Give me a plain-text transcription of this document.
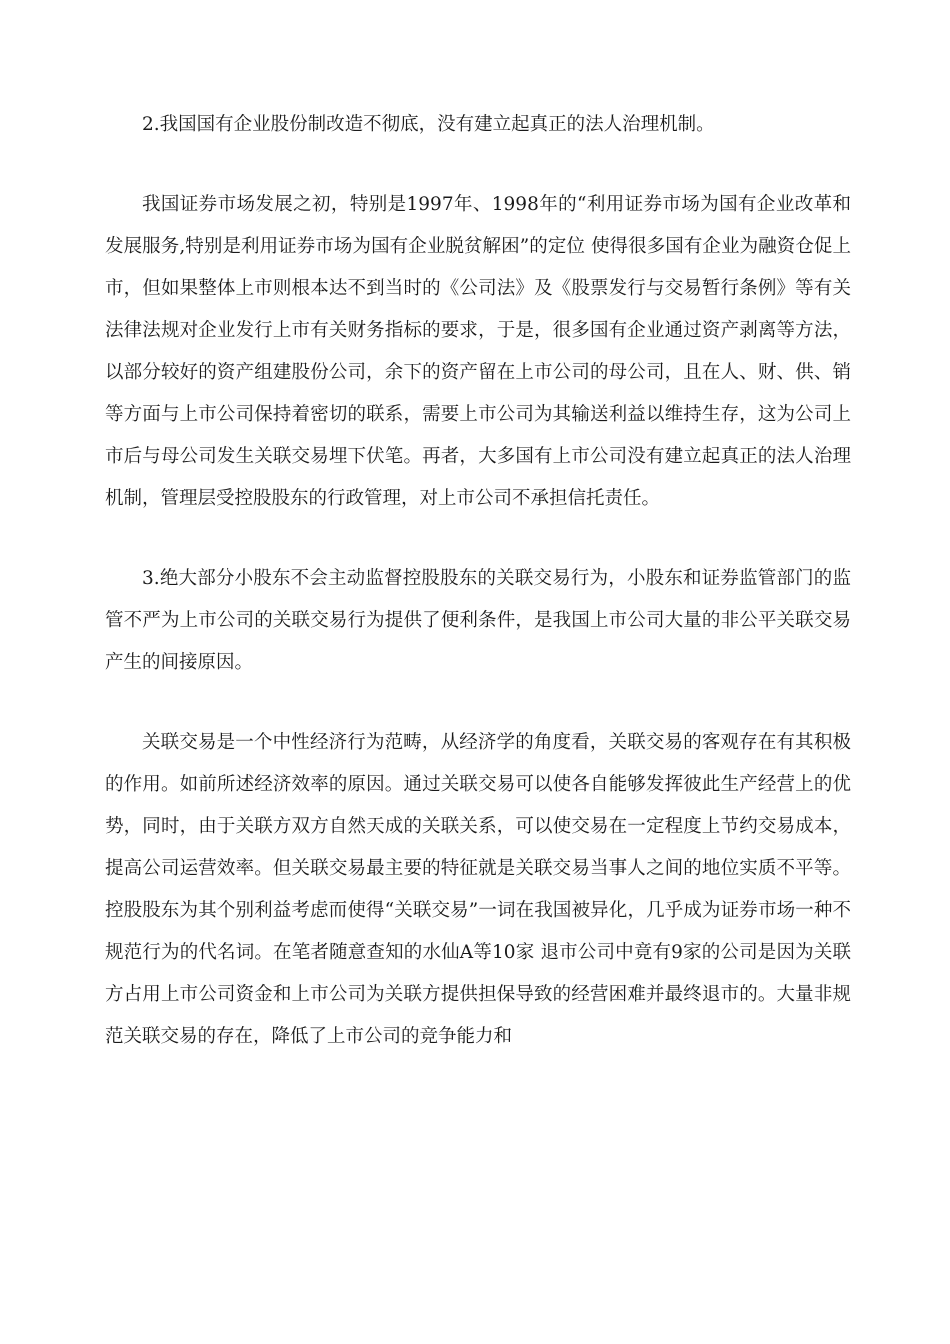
2.我国国有企业股份制改造不彻底，没有建立起真正的法人治理机制。

我国证券市场发展之初，特别是1997年、1998年的“利用证券市场为国有企业改革和发展服务,特别是利用证券市场为国有企业脱贫解困”的定位 使得很多国有企业为融资仓促上市，但如果整体上市则根本达不到当时的《公司法》及《股票发行与交易暂行条例》等有关法律法规对企业发行上市有关财务指标的要求，于是，很多国有企业通过资产剥离等方法，以部分较好的资产组建股份公司，余下的资产留在上市公司的母公司，且在人、财、供、销等方面与上市公司保持着密切的联系，需要上市公司为其输送利益以维持生存，这为公司上市后与母公司发生关联交易埋下伏笔。再者，大多国有上市公司没有建立起真正的法人治理机制，管理层受控股股东的行政管理，对上市公司不承担信托责任。

3.绝大部分小股东不会主动监督控股股东的关联交易行为，小股东和证券监管部门的监管不严为上市公司的关联交易行为提供了便利条件，是我国上市公司大量的非公平关联交易产生的间接原因。

关联交易是一个中性经济行为范畴，从经济学的角度看，关联交易的客观存在有其积极的作用。如前所述经济效率的原因。通过关联交易可以使各自能够发挥彼此生产经营上的优势，同时，由于关联方双方自然天成的关联关系，可以使交易在一定程度上节约交易成本，提高公司运营效率。但关联交易最主要的特征就是关联交易当事人之间的地位实质不平等。控股股东为其个别利益考虑而使得“关联交易”一词在我国被异化，几乎成为证券市场一种不规范行为的代名词。在笔者随意查知的水仙A等10家 退市公司中竟有9家的公司是因为关联方占用上市公司资金和上市公司为关联方提供担保导致的经营困难并最终退市的。大量非规范关联交易的存在，降低了上市公司的竞争能力和
